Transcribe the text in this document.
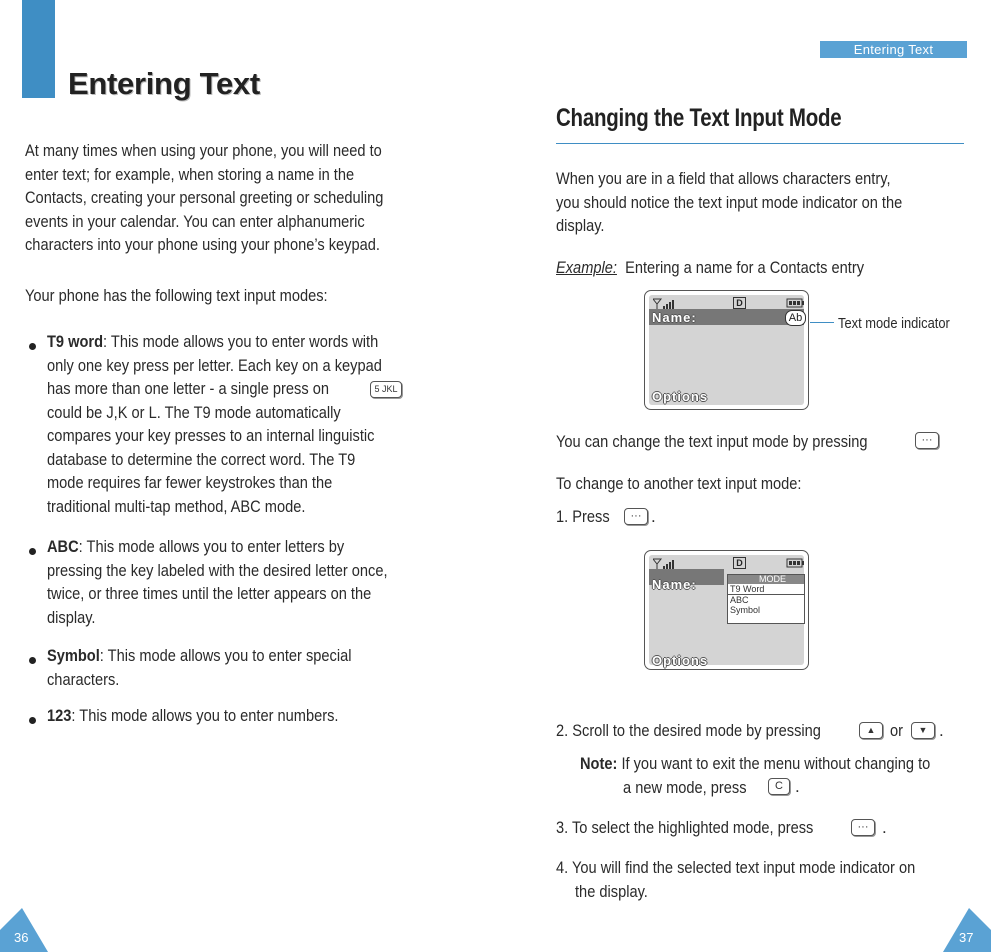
Entering Text
At many times when using your phone, you will need to
enter text; for example, when storing a name in the
Contacts, creating your personal greeting or scheduling
events in your calendar. You can enter alphanumeric
characters into your phone using your phone’s keypad.
Your phone has the following text input modes:
T9 word: This mode allows you to enter words with
only one key press per letter. Each key on a keypad
has more than one letter - a single press on
could be J,K or L. The T9 mode automatically
compares your key presses to an internal linguistic
database to determine the correct word. The T9
mode requires far fewer keystrokes than the
traditional multi-tap method, ABC mode.
5 JKL
ABC: This mode allows you to enter letters by
pressing the key labeled with the desired letter once,
twice, or three times until the letter appears on the
display.
Symbol: This mode allows you to enter special
characters.
123: This mode allows you to enter numbers.
36
Entering Text
Changing the Text Input Mode
When you are in a field that allows characters entry,
you should notice the text input mode indicator on the
display.
Example: Entering a name for a Contacts entry
D
Name:	Ab
Options
Text mode indicator
You can change the text input mode by pressing	···
To change to another text input mode:
1. Press	··· .
D
Name:	MODE
T9 Word
ABC
Symbol
Options
2. Scroll to the desired mode by pressing	▲ or	▼ .
Note: If you want to exit the menu without changing to
a new mode, press	C .
3. To select the highlighted mode, press	··· .
4. You will find the selected text input mode indicator on
the display.
37
